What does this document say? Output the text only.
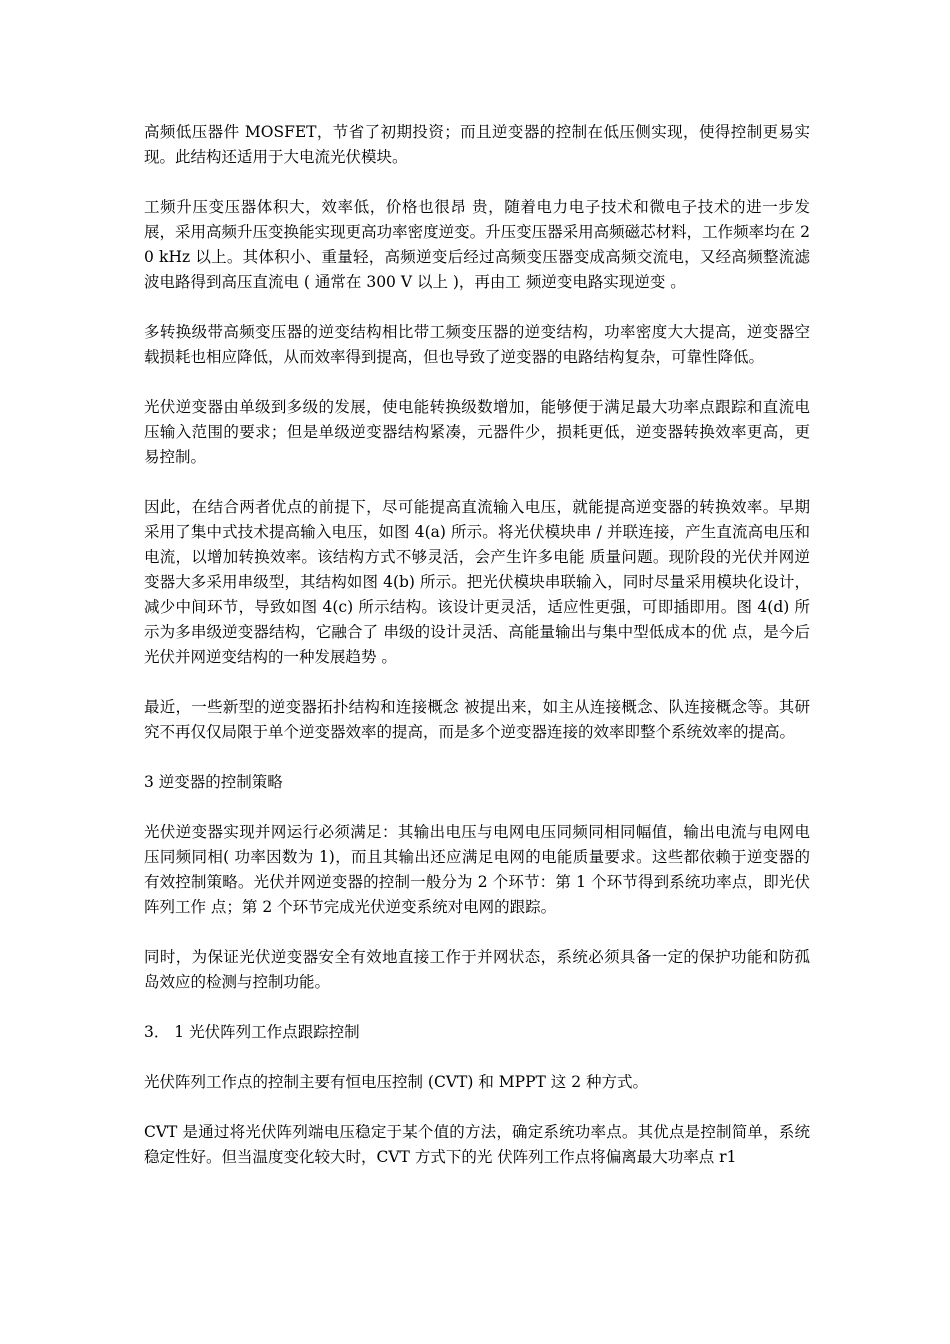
高频低压器件 MOSFET，节省了初期投资；而且逆变器的控制在低压侧实现，使得控制更易实现。此结构还适用于大电流光伏模块。

工频升压变压器体积大，效率低，价格也很昂 贵，随着电力电子技术和微电子技术的进一步发展，采用高频升压变换能实现更高功率密度逆变。升压变压器采用高频磁芯材料，工作频率均在 20 kHz 以上。其体积小、重量轻，高频逆变后经过高频变压器变成高频交流电，又经高频整流滤波电路得到高压直流电 ( 通常在 300 V 以上 )，再由工 频逆变电路实现逆变 。

多转换级带高频变压器的逆变结构相比带工频变压器的逆变结构，功率密度大大提高，逆变器空载损耗也相应降低，从而效率得到提高，但也导致了逆变器的电路结构复杂，可靠性降低。

光伏逆变器由单级到多级的发展，使电能转换级数增加，能够便于满足最大功率点跟踪和直流电压输入范围的要求；但是单级逆变器结构紧凑，元器件少，损耗更低，逆变器转换效率更高，更易控制。

因此，在结合两者优点的前提下，尽可能提高直流输入电压，就能提高逆变器的转换效率。早期采用了集中式技术提高输入电压，如图 4(a) 所示。将光伏模块串 / 并联连接，产生直流高电压和电流，以增加转换效率。该结构方式不够灵活，会产生许多电能 质量问题。现阶段的光伏并网逆变器大多采用串级型，其结构如图 4(b) 所示。把光伏模块串联输入，同时尽量采用模块化设计，减少中间环节，导致如图 4(c) 所示结构。该设计更灵活，适应性更强，可即插即用。图 4(d) 所示为多串级逆变器结构，它融合了 串级的设计灵活、高能量输出与集中型低成本的优 点，是今后光伏并网逆变结构的一种发展趋势 。

最近，一些新型的逆变器拓扑结构和连接概念 被提出来，如主从连接概念、队连接概念等。其研究不再仅仅局限于单个逆变器效率的提高，而是多个逆变器连接的效率即整个系统效率的提高。

3 逆变器的控制策略

光伏逆变器实现并网运行必须满足：其输出电压与电网电压同频同相同幅值，输出电流与电网电压同频同相( 功率因数为 1)，而且其输出还应满足电网的电能质量要求。这些都依赖于逆变器的有效控制策略。光伏并网逆变器的控制一般分为 2 个环节：第 1 个环节得到系统功率点，即光伏阵列工作 点；第 2 个环节完成光伏逆变系统对电网的跟踪。

同时，为保证光伏逆变器安全有效地直接工作于并网状态，系统必须具备一定的保护功能和防孤岛效应的检测与控制功能。

3． 1 光伏阵列工作点跟踪控制

光伏阵列工作点的控制主要有恒电压控制 (CVT) 和 MPPT 这 2 种方式。

CVT 是通过将光伏阵列端电压稳定于某个值的方法，确定系统功率点。其优点是控制简单，系统 稳定性好。但当温度变化较大时，CVT 方式下的光 伏阵列工作点将偏离最大功率点 r1
